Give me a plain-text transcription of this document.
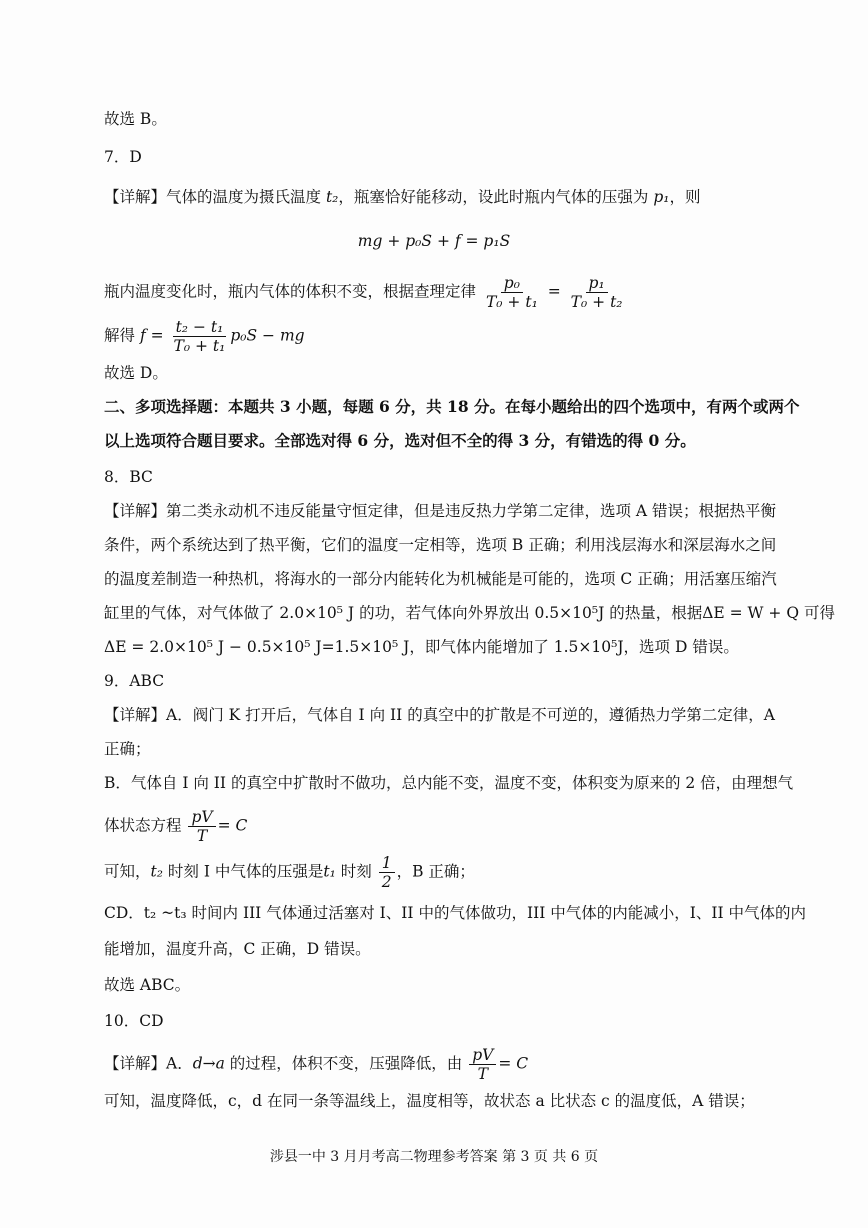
故选 B。
7．D
【详解】气体的温度为摄氏温度 t₂，瓶塞恰好能移动，设此时瓶内气体的压强为 p₁，则
mg + p₀S + f = p₁S
瓶内温度变化时，瓶内气体的体积不变，根据查理定律 $\frac{\text{p₀}}{\text{T₀ + t₁}} = \frac{\text{p₁}}{\text{T₀ + t₂}}$
解得 $f = \frac{\text{t₂ − t₁}}{\text{T₀ + t₁}} p_0S$ − mg
故选 D。
二、多项选择题：本题共 3 小题，每题 6 分，共 18 分。在每小题给出的四个选项中，有两个或两个
以上选项符合题目要求。全部选对得 6 分，选对但不全的得 3 分，有错选的得 0 分。
8．BC
【详解】第二类永动机不违反能量守恒定律，但是违反热力学第二定律，选项 A 错误；根据热平衡
条件，两个系统达到了热平衡，它们的温度一定相等，选项 B 正确；利用浅层海水和深层海水之间
的温度差制造一种热机，将海水的一部分内能转化为机械能是可能的，选项 C 正确；用活塞压缩汽
缸里的气体，对气体做了 2.0×10⁵ J 的功，若气体向外界放出 0.5×10⁵J 的热量，根据ΔE = W + Q 可得
ΔE = 2.0×10⁵ J − 0.5×10⁵ J=1.5×10⁵ J，即气体内能增加了 1.5×10⁵J，选项 D 错误。
9．ABC
【详解】A．阀门 K 打开后，气体自 I 向 II 的真空中的扩散是不可逆的，遵循热力学第二定律，A
正确；
B．气体自 I 向 II 的真空中扩散时不做功，总内能不变，温度不变，体积变为原来的 2 倍，由理想气
体状态方程 $\frac{pV}{T} = C$
可知，t₂ 时刻 I 中气体的压强是t₁ 时刻 $\frac{1}{2}$ ，B 正确；
CD．t₂ ~t₃ 时间内 III 气体通过活塞对 I、II 中的气体做功，III 中气体的内能减小，I、II 中气体的内
能增加，温度升高，C 正确，D 错误。
故选 ABC。
10．CD
【详解】A．d→a 的过程，体积不变，压强降低，由 $\frac{pV}{T} = C$
可知，温度降低，c，d 在同一条等温线上，温度相等，故状态 a 比状态 c 的温度低，A 错误；
涉县一中 3 月月考高二物理参考答案 第 3 页 共 6 页
